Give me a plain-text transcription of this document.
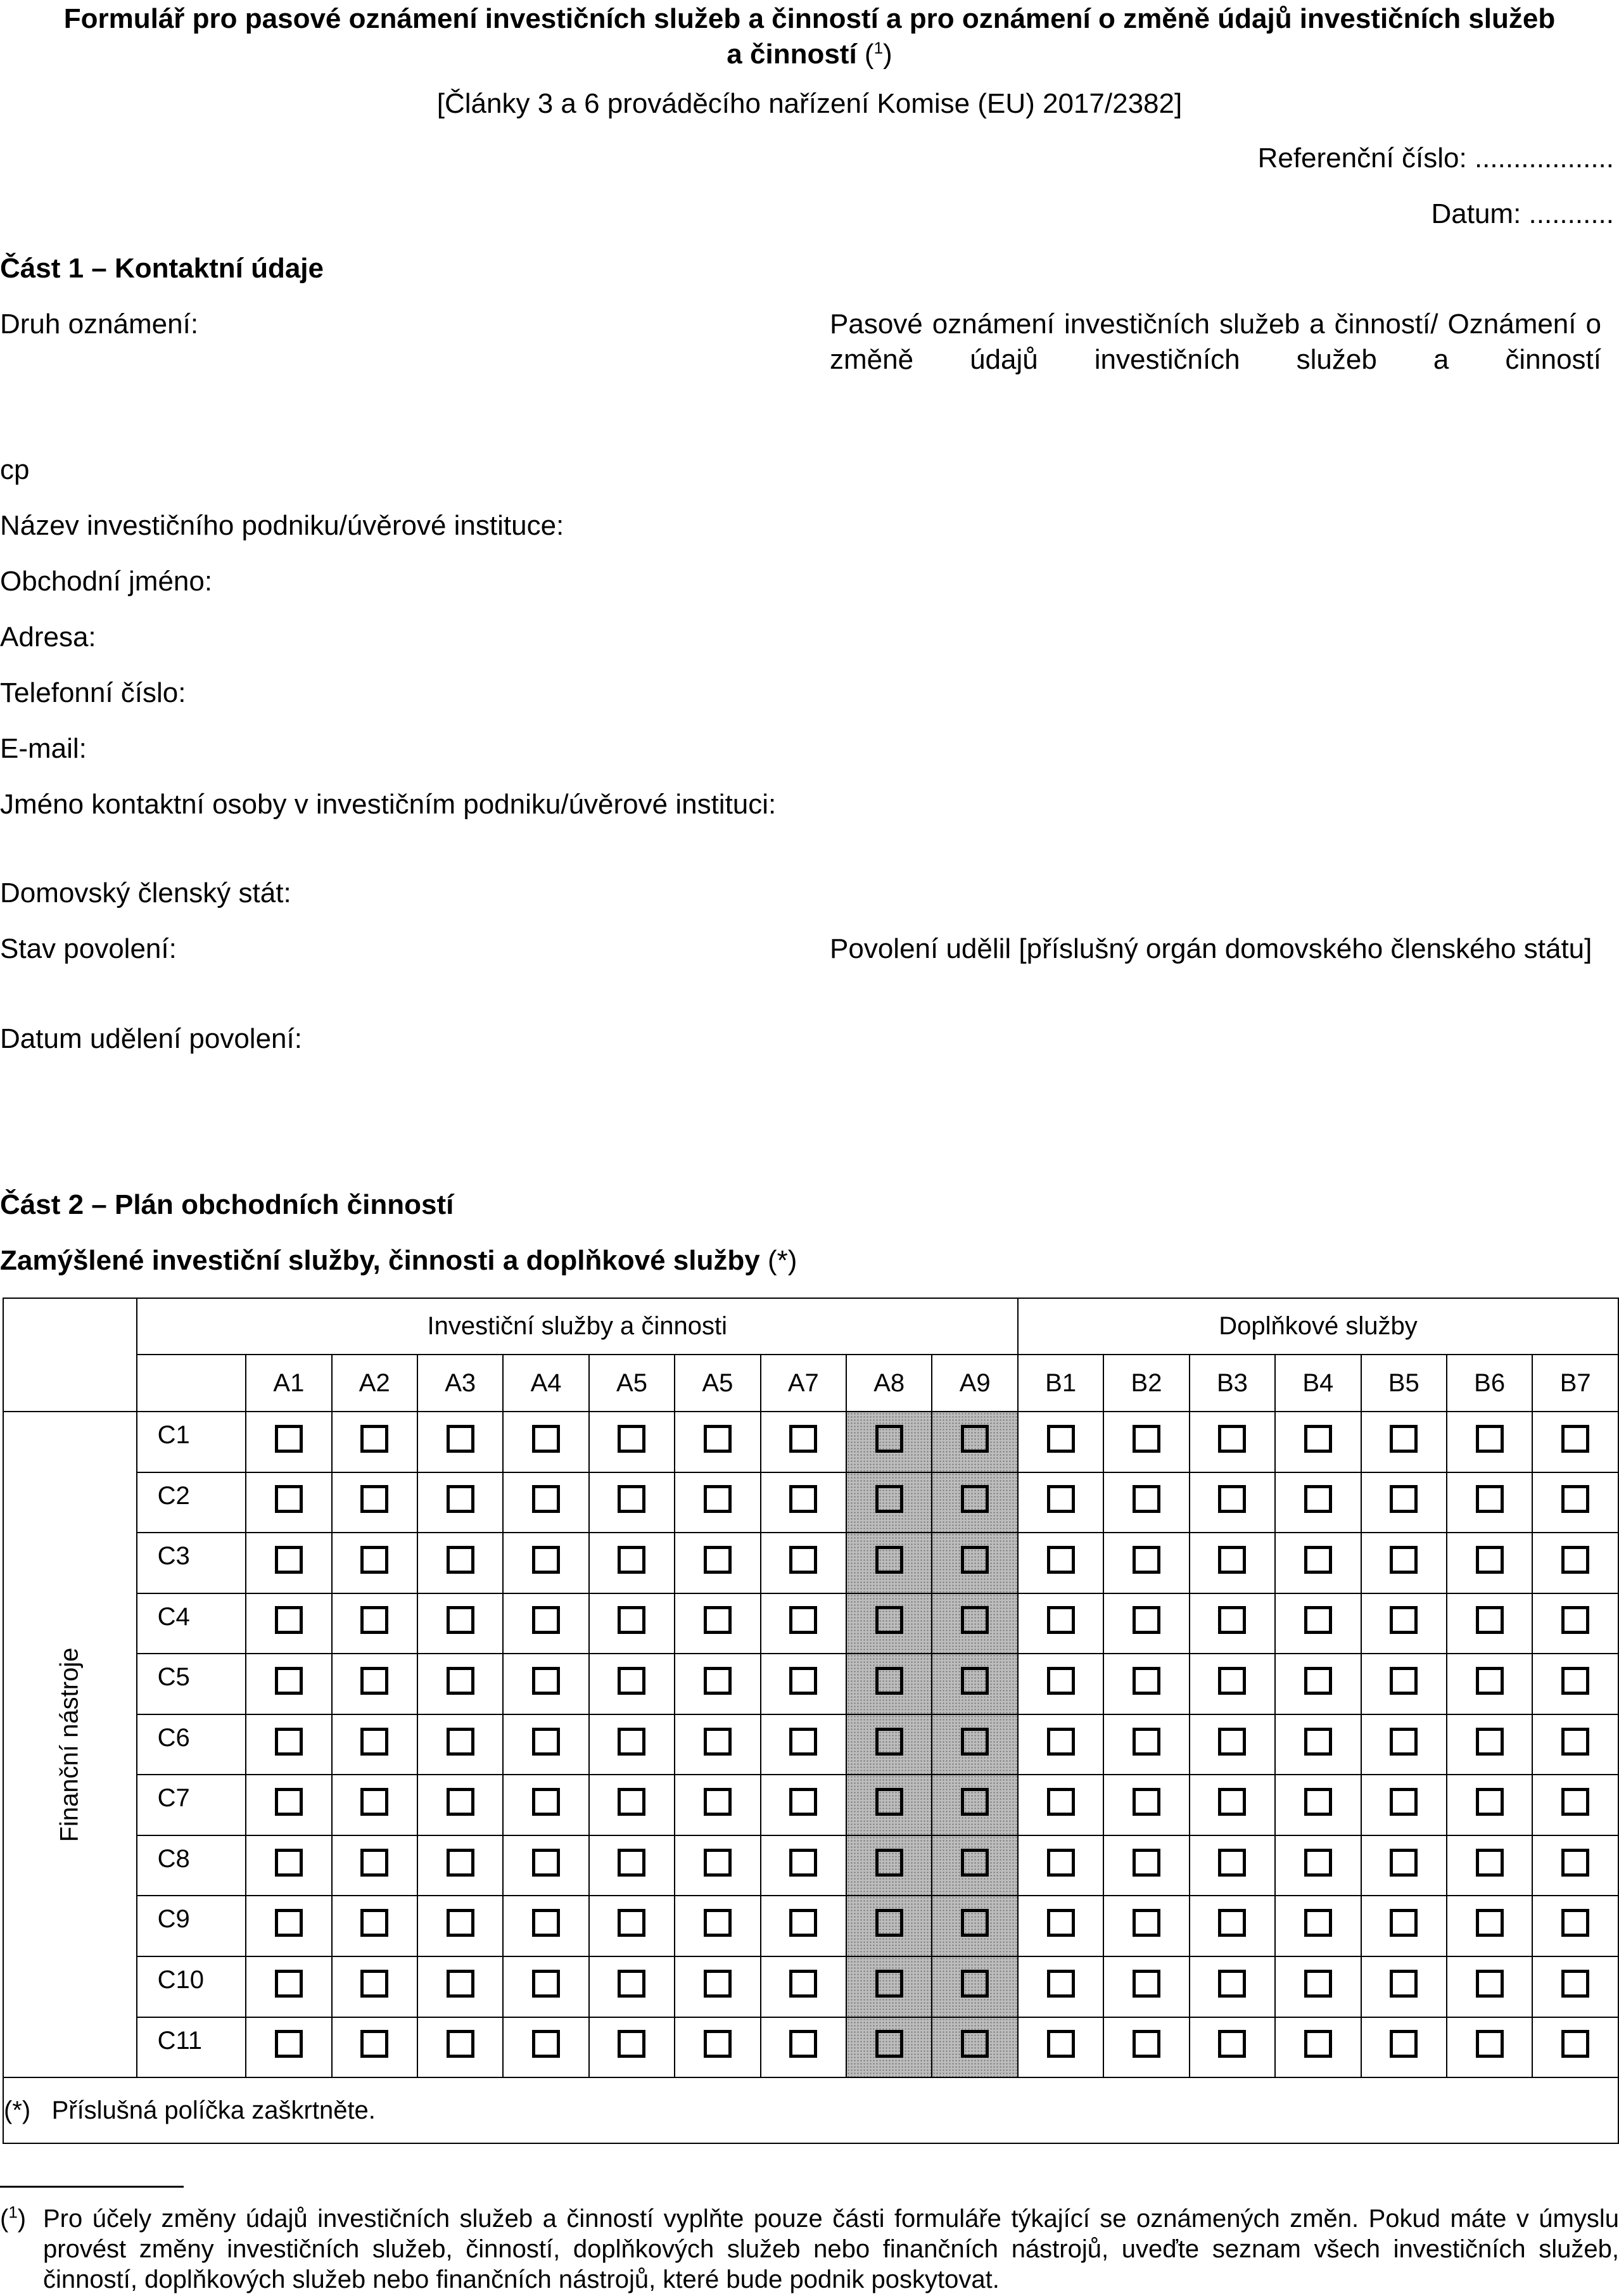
Formulář pro pasové oznámení investičních služeb a činností a pro oznámení o změně údajů investičních služeb
a činností ($^1$)
[Články 3 a 6 prováděcího nařízení Komise (EU) 2017/2382]
Referenční číslo: ..................
Datum: ...........
Část 1 – Kontaktní údaje
Druh oznámení:	Pasové oznámení investičních služeb a činností/ Oznámení o změně údajů investičních služeb a činností
cp
Název investičního podniku/úvěrové instituce:
Obchodní jméno:
Adresa:
Telefonní číslo:
E-mail:
Jméno kontaktní osoby v investičním podniku/úvěrové instituci:
Domovský členský stát:
Stav povolení:	Povolení udělil [příslušný orgán domovského členského státu]
Datum udělení povolení:
Část 2 – Plán obchodních činností
Zamýšlené investiční služby, činnosti a doplňkové služby (*)
	Investiční služby a činnosti										Doplňkové služby						
		A1	A2	A3	A4	A5	A5	A7	A8	A9	B1	B2	B3	B4	B5	B6	B7

Finanční nástroje	C1																
	C2																
	C3																
	C4																
	C5																
	C6																
	C7																
	C8																
	C9																
	C10																
	C11																
(*) Příslušná políčka zaškrtněte.																	
($^1$) Pro účely změny údajů investičních služeb a činností vyplňte pouze části formuláře týkající se oznámených změn. Pokud máte v úmyslu provést změny investičních služeb, činností, doplňkových služeb nebo finančních nástrojů, uveďte seznam všech investičních služeb, činností, doplňkových služeb nebo finančních nástrojů, které bude podnik poskytovat.
